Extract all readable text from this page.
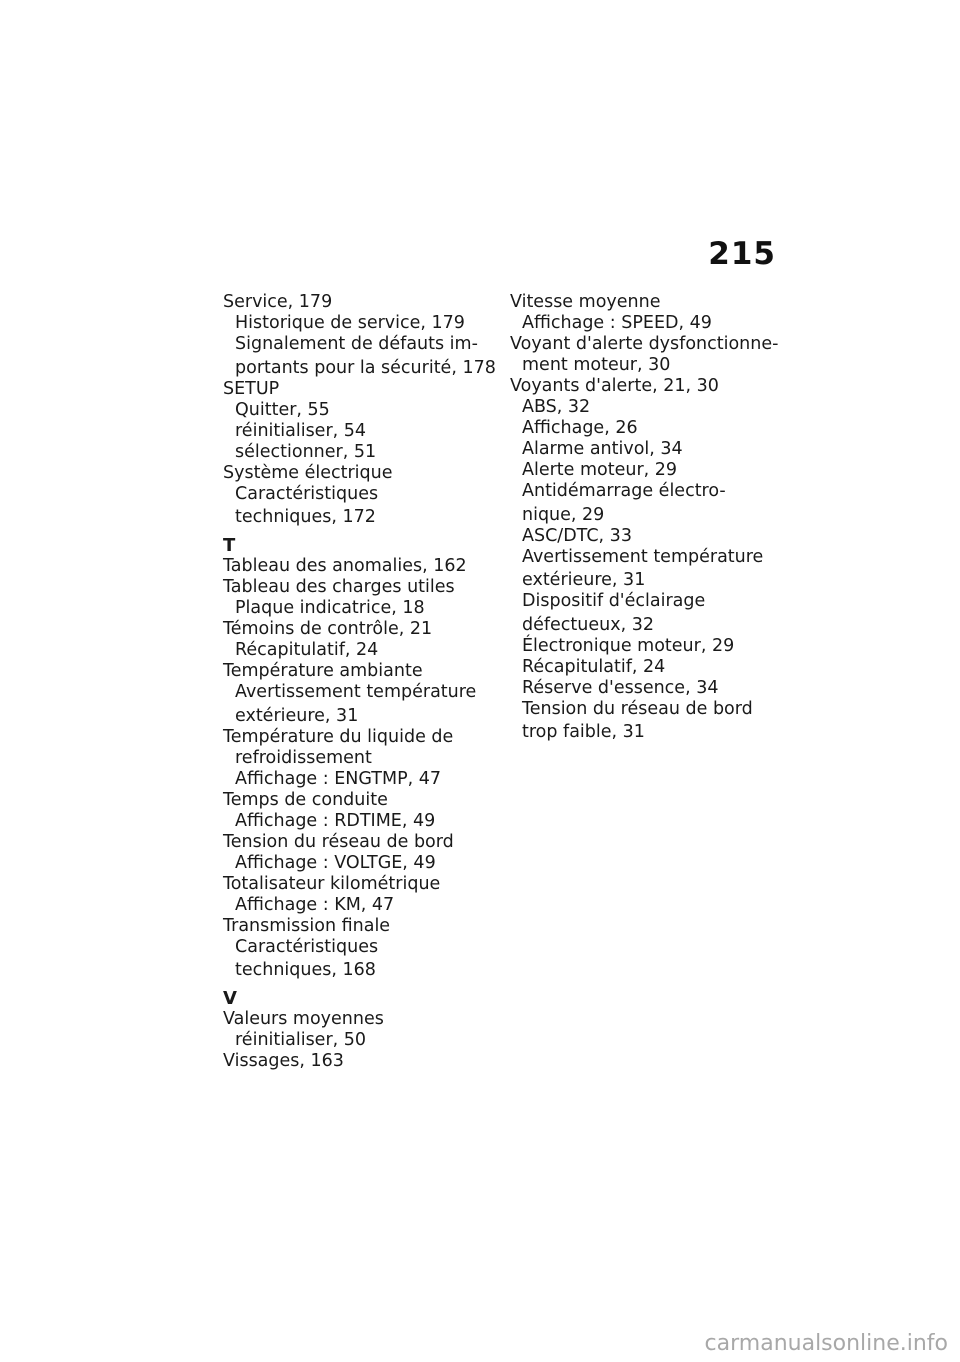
215
Service, 179
Historique de service, 179
Signalement de défauts im-
portants pour la sécurité, 178
SETUP
Quitter, 55
réinitialiser, 54
sélectionner, 51
Système électrique
Caractéristiques
techniques, 172
T
Tableau des anomalies, 162
Tableau des charges utiles
Plaque indicatrice, 18
Témoins de contrôle, 21
Récapitulatif, 24
Température ambiante
Avertissement température
extérieure, 31
Température du liquide de
refroidissement
Affichage : ENGTMP, 47
Temps de conduite
Affichage : RDTIME, 49
Tension du réseau de bord
Affichage : VOLTGE, 49
Totalisateur kilométrique
Affichage : KM, 47
Transmission finale
Caractéristiques
techniques, 168
V
Valeurs moyennes
réinitialiser, 50
Vissages, 163
Vitesse moyenne
Affichage : SPEED, 49
Voyant d'alerte dysfonctionne-
ment moteur, 30
Voyants d'alerte, 21, 30
ABS, 32
Affichage, 26
Alarme antivol, 34
Alerte moteur, 29
Antidémarrage électro-
nique, 29
ASC/DTC, 33
Avertissement température
extérieure, 31
Dispositif d'éclairage
défectueux, 32
Électronique moteur, 29
Récapitulatif, 24
Réserve d'essence, 34
Tension du réseau de bord
trop faible, 31
carmanualsonline.info
